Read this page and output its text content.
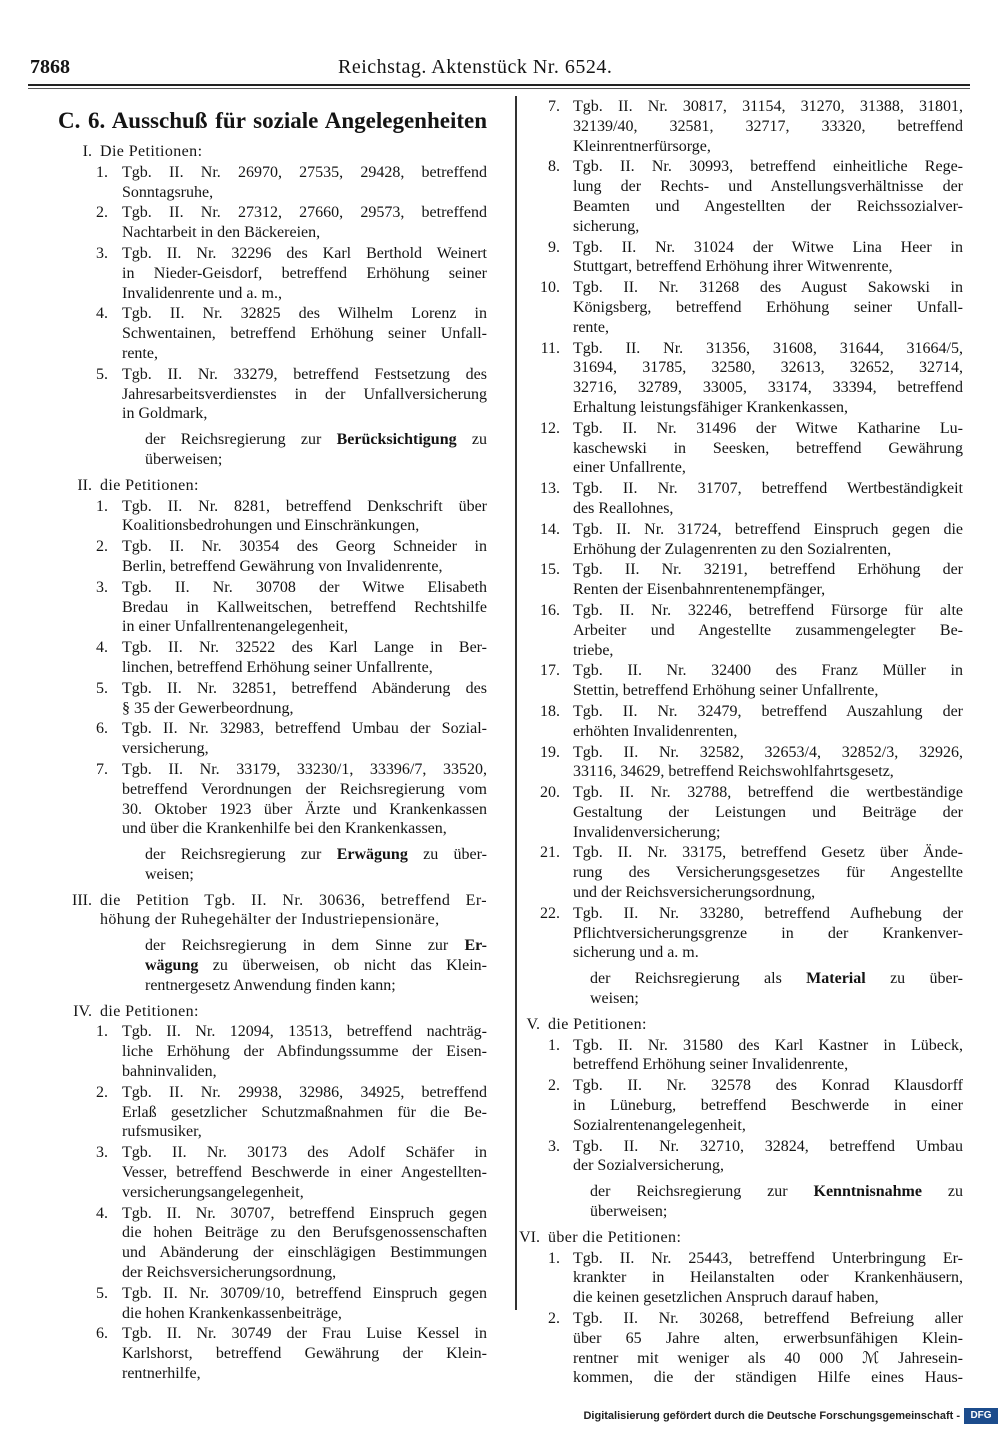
7868	Reichstag. Aktenstück Nr. 6524.
C. 6. Ausschuß für soziale Angelegenheiten
I. Die Petitionen:
1. Tgb. II. Nr. 26970, 27535, 29428, betreffend
Sonntagsruhe,
2. Tgb. II. Nr. 27312, 27660, 29573, betreffend
Nachtarbeit in den Bäckereien,
3. Tgb. II. Nr. 32296 des Karl Berthold Weinert
in Nieder-Geisdorf, betreffend Erhöhung seiner
Invalidenrente und a. m.,
4. Tgb. II. Nr. 32825 des Wilhelm Lorenz in
Schwentainen, betreffend Erhöhung seiner Unfall-
rente,
5. Tgb. II. Nr. 33279, betreffend Festsetzung des
Jahresarbeitsverdienstes in der Unfallversicherung
in Goldmark,
der Reichsregierung zur Berücksichtigung zu
überweisen;
II. die Petitionen:
1. Tgb. II. Nr. 8281, betreffend Denkschrift über
Koalitionsbedrohungen und Einschränkungen,
2. Tgb. II. Nr. 30354 des Georg Schneider in
Berlin, betreffend Gewährung von Invalidenrente,
3. Tgb. II. Nr. 30708 der Witwe Elisabeth
Bredau in Kallweitschen, betreffend Rechtshilfe
in einer Unfallrentenangelegenheit,
4. Tgb. II. Nr. 32522 des Karl Lange in Ber-
linchen, betreffend Erhöhung seiner Unfallrente,
5. Tgb. II. Nr. 32851, betreffend Abänderung des
§ 35 der Gewerbeordnung,
6. Tgb. II. Nr. 32983, betreffend Umbau der Sozial-
versicherung,
7. Tgb. II. Nr. 33179, 33230/1, 33396/7, 33520,
betreffend Verordnungen der Reichsregierung vom
30. Oktober 1923 über Ärzte und Krankenkassen
und über die Krankenhilfe bei den Krankenkassen,
der Reichsregierung zur Erwägung zu über-
weisen;
III. die Petition Tgb. II. Nr. 30636, betreffend Er-
höhung der Ruhegehälter der Industriepensionäre,
der Reichsregierung in dem Sinne zur Er-
wägung zu überweisen, ob nicht das Klein-
rentnergesetz Anwendung finden kann;
IV. die Petitionen:
1. Tgb. II. Nr. 12094, 13513, betreffend nachträg-
liche Erhöhung der Abfindungssumme der Eisen-
bahninvaliden,
2. Tgb. II. Nr. 29938, 32986, 34925, betreffend
Erlaß gesetzlicher Schutzmaßnahmen für die Be-
rufsmusiker,
3. Tgb. II. Nr. 30173 des Adolf Schäfer in
Vesser, betreffend Beschwerde in einer Angestellten-
versicherungsangelegenheit,
4. Tgb. II. Nr. 30707, betreffend Einspruch gegen
die hohen Beiträge zu den Berufsgenossenschaften
und Abänderung der einschlägigen Bestimmungen
der Reichsversicherungsordnung,
5. Tgb. II. Nr. 30709/10, betreffend Einspruch gegen
die hohen Krankenkassenbeiträge,
6. Tgb. II. Nr. 30749 der Frau Luise Kessel in
Karlshorst, betreffend Gewährung der Klein-
rentnerhilfe,
7. Tgb. II. Nr. 30817, 31154, 31270, 31388, 31801,
32139/40, 32581, 32717, 33320, betreffend
Kleinrentnerfürsorge,
8. Tgb. II. Nr. 30993, betreffend einheitliche Rege-
lung der Rechts- und Anstellungsverhältnisse der
Beamten und Angestellten der Reichssozialver-
sicherung,
9. Tgb. II. Nr. 31024 der Witwe Lina Heer in
Stuttgart, betreffend Erhöhung ihrer Witwenrente,
10. Tgb. II. Nr. 31268 des August Sakowski in
Königsberg, betreffend Erhöhung seiner Unfall-
rente,
11. Tgb. II. Nr. 31356, 31608, 31644, 31664/5,
31694, 31785, 32580, 32613, 32652, 32714,
32716, 32789, 33005, 33174, 33394, betreffend
Erhaltung leistungsfähiger Krankenkassen,
12. Tgb. II. Nr. 31496 der Witwe Katharine Lu-
kaschewski in Seesken, betreffend Gewährung
einer Unfallrente,
13. Tgb. II. Nr. 31707, betreffend Wertbeständigkeit
des Reallohnes,
14. Tgb. II. Nr. 31724, betreffend Einspruch gegen die
Erhöhung der Zulagenrenten zu den Sozialrenten,
15. Tgb. II. Nr. 32191, betreffend Erhöhung der
Renten der Eisenbahnrentenempfänger,
16. Tgb. II. Nr. 32246, betreffend Fürsorge für alte
Arbeiter und Angestellte zusammengelegter Be-
triebe,
17. Tgb. II. Nr. 32400 des Franz Müller in
Stettin, betreffend Erhöhung seiner Unfallrente,
18. Tgb. II. Nr. 32479, betreffend Auszahlung der
erhöhten Invalidenrenten,
19. Tgb. II. Nr. 32582, 32653/4, 32852/3, 32926,
33116, 34629, betreffend Reichswohlfahrtsgesetz,
20. Tgb. II. Nr. 32788, betreffend die wertbeständige
Gestaltung der Leistungen und Beiträge der
Invalidenversicherung;
21. Tgb. II. Nr. 33175, betreffend Gesetz über Ände-
rung des Versicherungsgesetzes für Angestellte
und der Reichsversicherungsordnung,
22. Tgb. II. Nr. 33280, betreffend Aufhebung der
Pflichtversicherungsgrenze in der Krankenver-
sicherung und a. m.
der Reichsregierung als Material zu über-
weisen;
V. die Petitionen:
1. Tgb. II. Nr. 31580 des Karl Kastner in Lübeck,
betreffend Erhöhung seiner Invalidenrente,
2. Tgb. II. Nr. 32578 des Konrad Klausdorff
in Lüneburg, betreffend Beschwerde in einer
Sozialrentenangelegenheit,
3. Tgb. II. Nr. 32710, 32824, betreffend Umbau
der Sozialversicherung,
der Reichsregierung zur Kenntnisnahme zu
überweisen;
VI. über die Petitionen:
1. Tgb. II. Nr. 25443, betreffend Unterbringung Er-
krankter in Heilanstalten oder Krankenhäusern,
die keinen gesetzlichen Anspruch darauf haben,
2. Tgb. II. Nr. 30268, betreffend Befreiung aller
über 65 Jahre alten, erwerbsunfähigen Klein-
rentner mit weniger als 40 000 ℳ Jahresein-
kommen, die der ständigen Hilfe eines Haus-
Digitalisierung gefördert durch die Deutsche Forschungsgemeinschaft -	DFG
